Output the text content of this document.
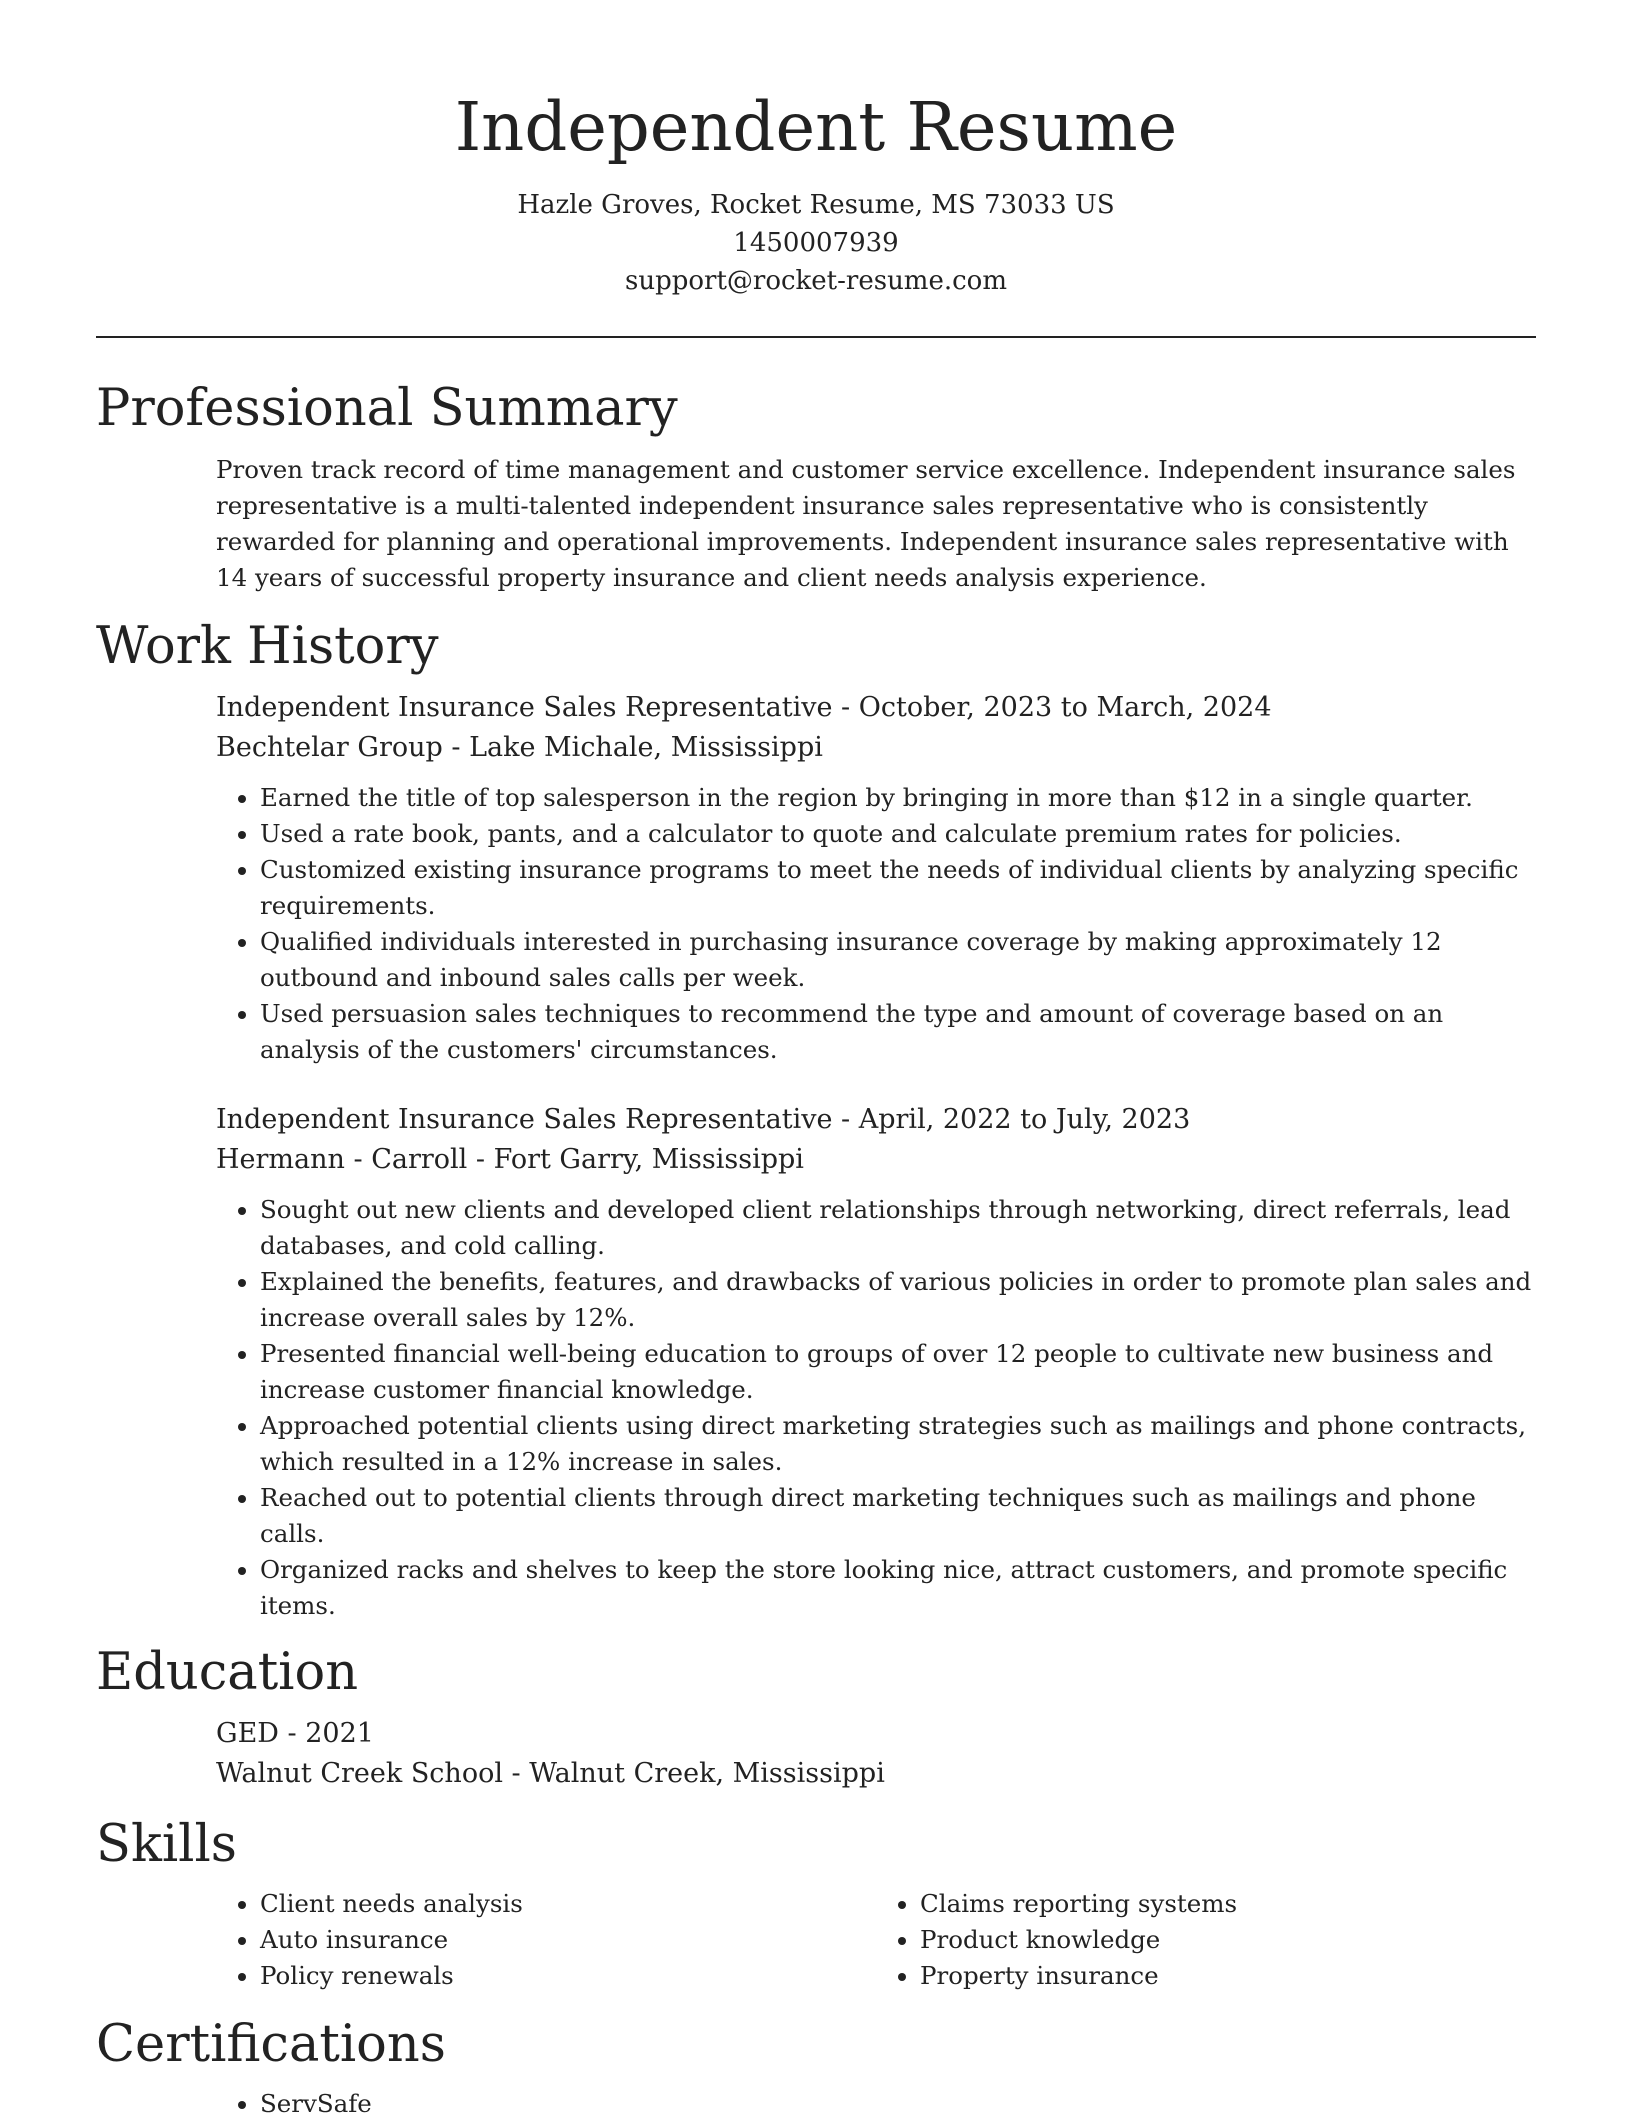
Independent Resume
Hazle Groves, Rocket Resume, MS 73033 US
1450007939
support@rocket-resume.com
Professional Summary

Proven track record of time management and customer service excellence. Independent insurance sales representative is a multi-talented independent insurance sales representative who is consistently rewarded for planning and operational improvements. Independent insurance sales representative with 14 years of successful property insurance and client needs analysis experience.

Work History

Independent Insurance Sales Representative - October, 2023 to March, 2024

Bechtelar Group - Lake Michale, Mississippi

• Earned the title of top salesperson in the region by bringing in more than $12 in a single quarter.
• Used a rate book, pants, and a calculator to quote and calculate premium rates for policies.
• Customized existing insurance programs to meet the needs of individual clients by analyzing specific requirements.
• Qualified individuals interested in purchasing insurance coverage by making approximately 12 outbound and inbound sales calls per week.
• Used persuasion sales techniques to recommend the type and amount of coverage based on an analysis of the customers' circumstances.

Independent Insurance Sales Representative - April, 2022 to July, 2023

Hermann - Carroll - Fort Garry, Mississippi

• Sought out new clients and developed client relationships through networking, direct referrals, lead databases, and cold calling.
• Explained the benefits, features, and drawbacks of various policies in order to promote plan sales and increase overall sales by 12%.
• Presented financial well-being education to groups of over 12 people to cultivate new business and increase customer financial knowledge.
• Approached potential clients using direct marketing strategies such as mailings and phone contracts, which resulted in a 12% increase in sales.
• Reached out to potential clients through direct marketing techniques such as mailings and phone calls.
• Organized racks and shelves to keep the store looking nice, attract customers, and promote specific items.
Education

GED - 2021

Walnut Creek School - Walnut Creek, Mississippi

Skills
• Client needs analysis
• Auto insurance
• Policy renewals
• Claims reporting systems
• Product knowledge
• Property insurance
Certifications
• ServSafe
